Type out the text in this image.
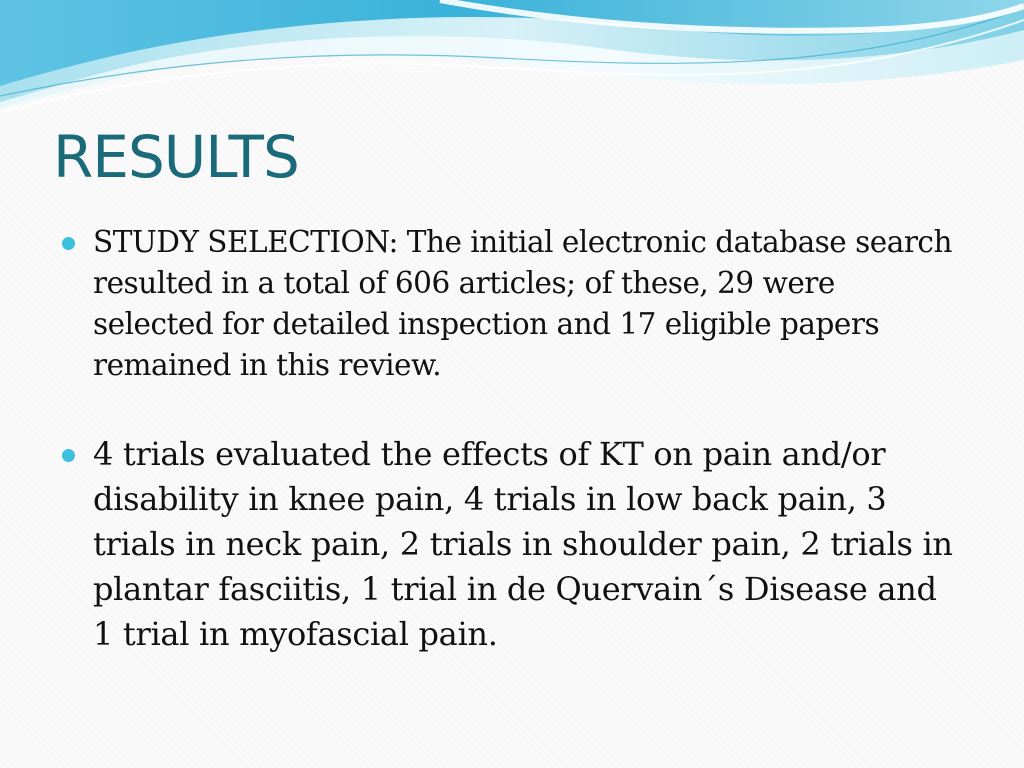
RESULTS
STUDY SELECTION: The initial electronic database search resulted in a total of 606 articles; of these, 29 were selected for detailed inspection and 17 eligible papers remained in this review.
4 trials evaluated the effects of KT on pain and/or disability in knee pain, 4 trials in low back pain, 3 trials in neck pain, 2 trials in shoulder pain, 2 trials in plantar fasciitis, 1 trial in de Quervain´s Disease and 1 trial in myofascial pain.
